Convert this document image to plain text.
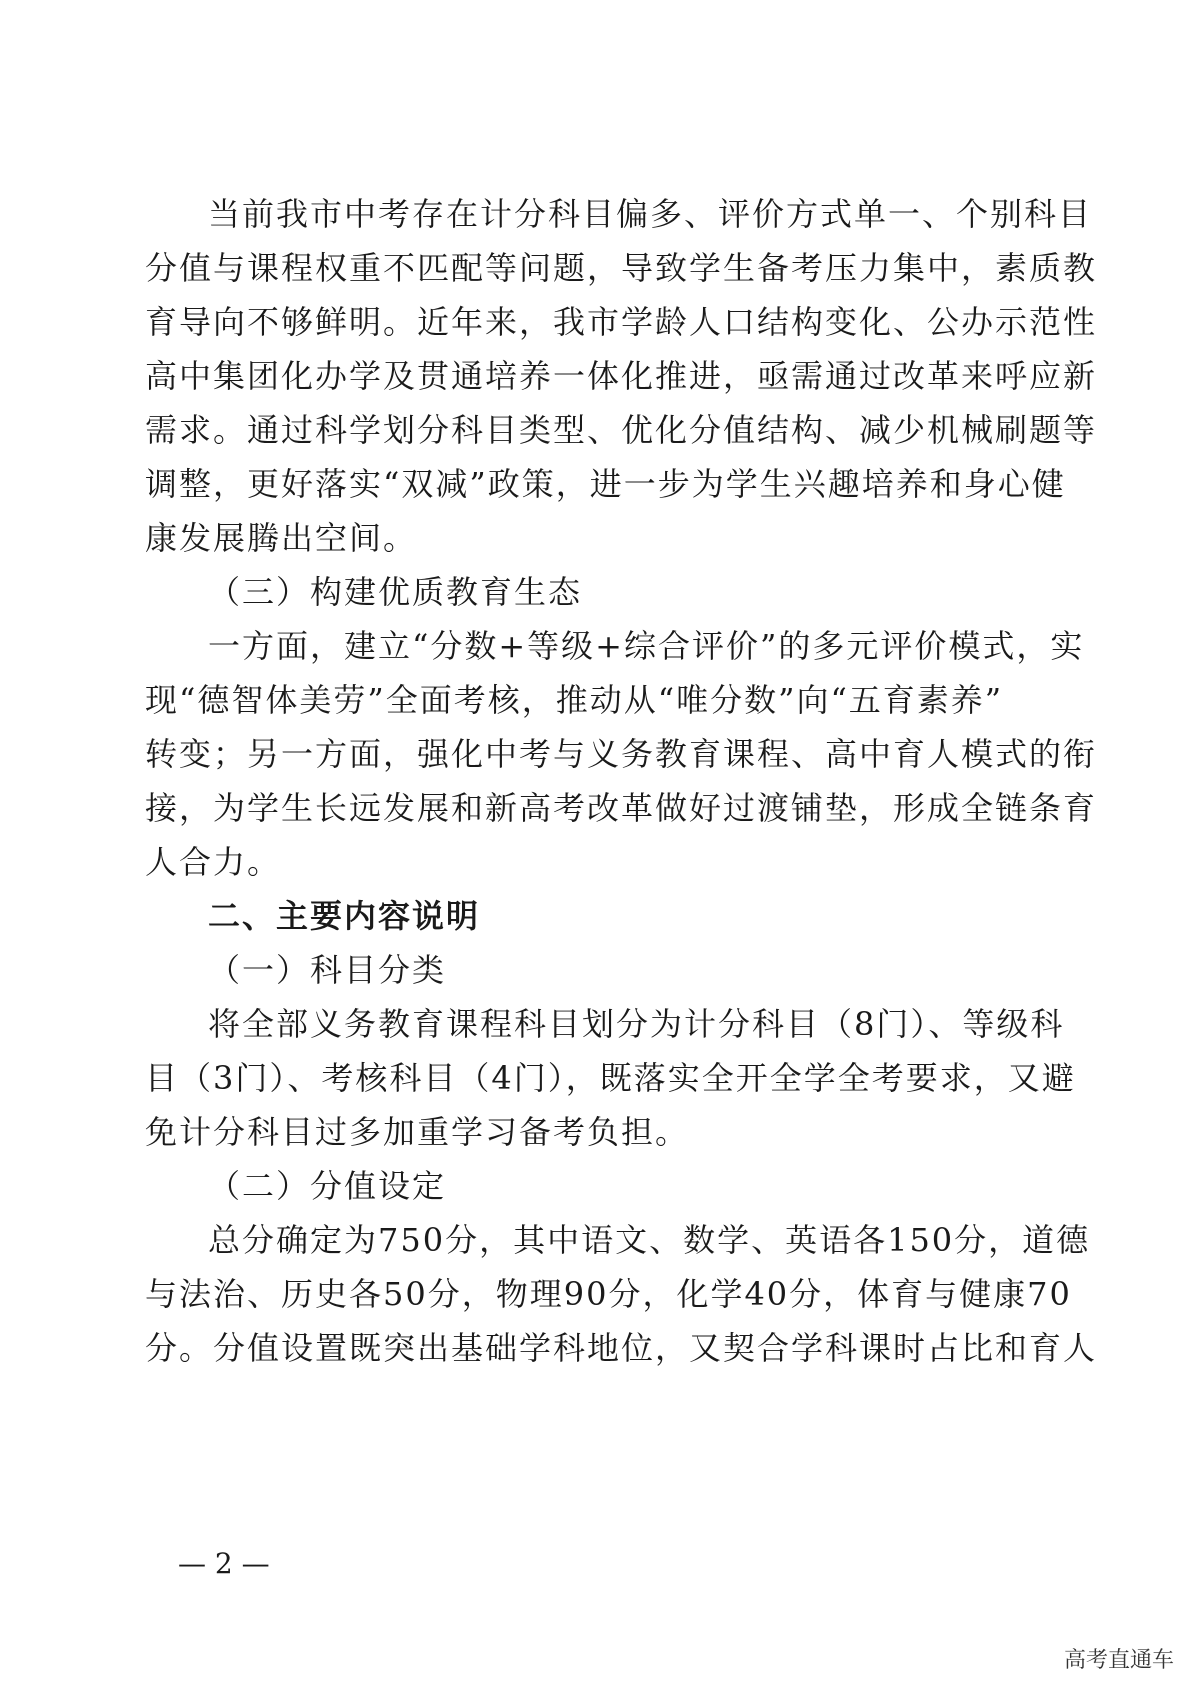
当前我市中考存在计分科目偏多、评价方式单一、个别科目
分值与课程权重不匹配等问题，导致学生备考压力集中，素质教
育导向不够鲜明。近年来，我市学龄人口结构变化、公办示范性
高中集团化办学及贯通培养一体化推进，亟需通过改革来呼应新
需求。通过科学划分科目类型、优化分值结构、减少机械刷题等
调整，更好落实“双减”政策，进一步为学生兴趣培养和身心健
康发展腾出空间。
（三）构建优质教育生态
一方面，建立“分数+等级+综合评价”的多元评价模式，实
现“德智体美劳”全面考核，推动从“唯分数”向“五育素养”
转变；另一方面，强化中考与义务教育课程、高中育人模式的衔
接，为学生长远发展和新高考改革做好过渡铺垫，形成全链条育
人合力。
二、主要内容说明
（一）科目分类
将全部义务教育课程科目划分为计分科目（8门）、等级科
目（3门）、考核科目（4门），既落实全开全学全考要求，又避
免计分科目过多加重学习备考负担。
（二）分值设定
总分确定为750分，其中语文、数学、英语各150分，道德
与法治、历史各50分，物理90分，化学40分，体育与健康70
分。分值设置既突出基础学科地位，又契合学科课时占比和育人
— 2 —
高考直通车
